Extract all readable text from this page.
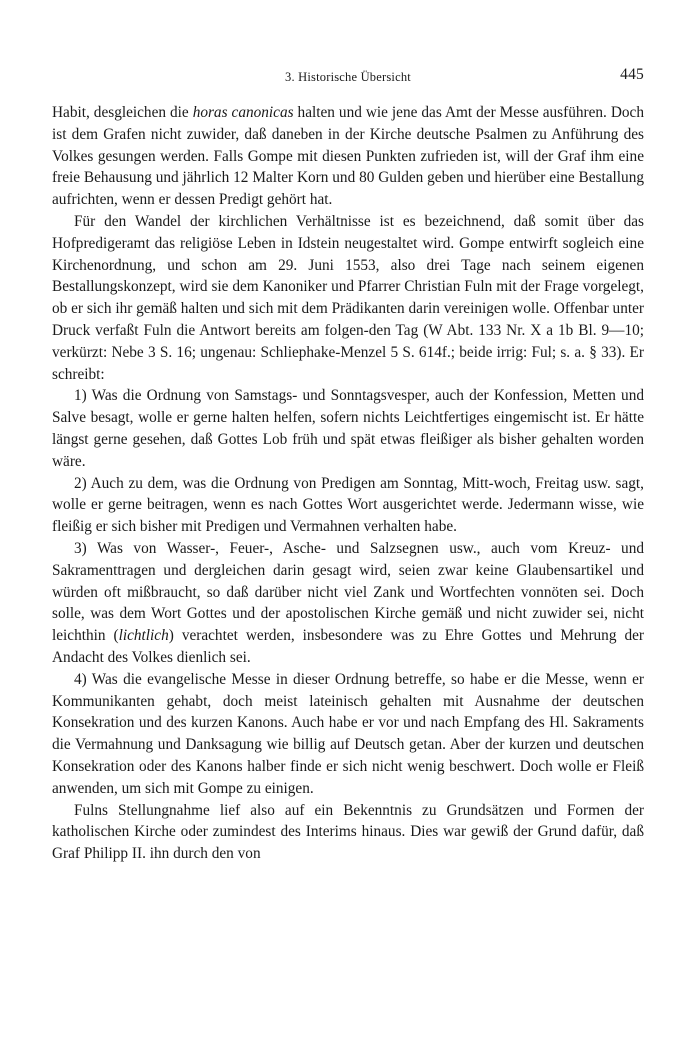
3. Historische Übersicht	445

Habit, desgleichen die horas canonicas halten und wie jene das Amt der Messe ausführen. Doch ist dem Grafen nicht zuwider, daß daneben in der Kirche deutsche Psalmen zu Anführung des Volkes gesungen werden. Falls Gompe mit diesen Punkten zufrieden ist, will der Graf ihm eine freie Behausung und jährlich 12 Malter Korn und 80 Gulden geben und hierüber eine Bestallung aufrichten, wenn er dessen Predigt gehört hat.

Für den Wandel der kirchlichen Verhältnisse ist es bezeichnend, daß somit über das Hofpredigeramt das religiöse Leben in Idstein neugestaltet wird. Gompe entwirft sogleich eine Kirchenordnung, und schon am 29. Juni 1553, also drei Tage nach seinem eigenen Bestallungskonzept, wird sie dem Kanoniker und Pfarrer Christian Fuln mit der Frage vorgelegt, ob er sich ihr gemäß halten und sich mit dem Prädikanten darin vereinigen wolle. Offenbar unter Druck verfaßt Fuln die Antwort bereits am folgen-den Tag (W Abt. 133 Nr. X a 1b Bl. 9—10; verkürzt: Nebe 3 S. 16; ungenau: Schliephake-Menzel 5 S. 614f.; beide irrig: Ful; s. a. § 33). Er schreibt:

1) Was die Ordnung von Samstags- und Sonntagsvesper, auch der Konfession, Metten und Salve besagt, wolle er gerne halten helfen, sofern nichts Leichtfertiges eingemischt ist. Er hätte längst gerne gesehen, daß Gottes Lob früh und spät etwas fleißiger als bisher gehalten worden wäre.

2) Auch zu dem, was die Ordnung von Predigen am Sonntag, Mitt-woch, Freitag usw. sagt, wolle er gerne beitragen, wenn es nach Gottes Wort ausgerichtet werde. Jedermann wisse, wie fleißig er sich bisher mit Predigen und Vermahnen verhalten habe.

3) Was von Wasser-, Feuer-, Asche- und Salzsegnen usw., auch vom Kreuz- und Sakramenttragen und dergleichen darin gesagt wird, seien zwar keine Glaubensartikel und würden oft mißbraucht, so daß darüber nicht viel Zank und Wortfechten vonnöten sei. Doch solle, was dem Wort Gottes und der apostolischen Kirche gemäß und nicht zuwider sei, nicht leichthin (lichtlich) verachtet werden, insbesondere was zu Ehre Gottes und Mehrung der Andacht des Volkes dienlich sei.

4) Was die evangelische Messe in dieser Ordnung betreffe, so habe er die Messe, wenn er Kommunikanten gehabt, doch meist lateinisch gehalten mit Ausnahme der deutschen Konsekration und des kurzen Kanons. Auch habe er vor und nach Empfang des Hl. Sakraments die Vermahnung und Danksagung wie billig auf Deutsch getan. Aber der kurzen und deutschen Konsekration oder des Kanons halber finde er sich nicht wenig beschwert. Doch wolle er Fleiß anwenden, um sich mit Gompe zu einigen.

Fulns Stellungnahme lief also auf ein Bekenntnis zu Grundsätzen und Formen der katholischen Kirche oder zumindest des Interims hinaus. Dies war gewiß der Grund dafür, daß Graf Philipp II. ihn durch den von
